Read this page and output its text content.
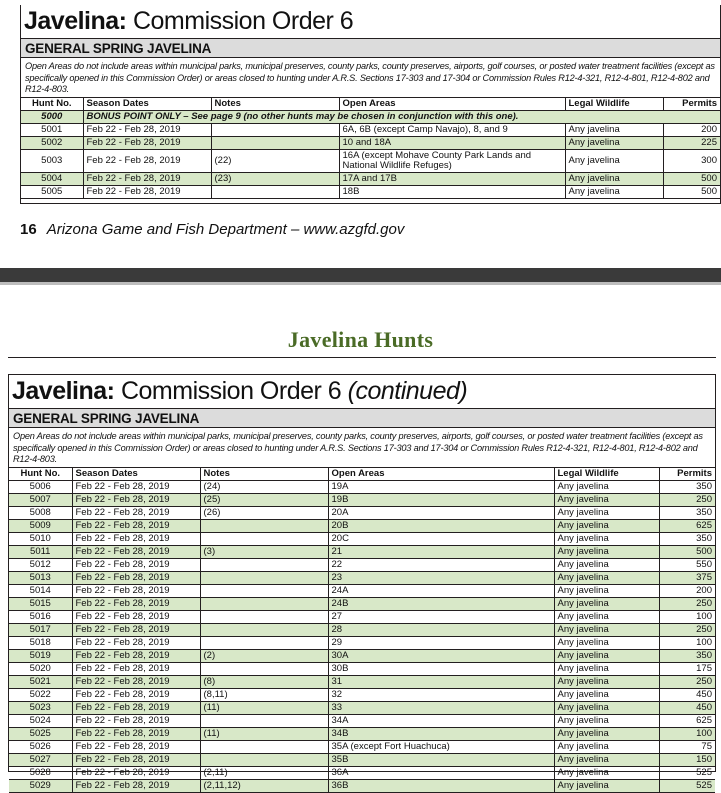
Javelina: Commission Order 6
GENERAL SPRING JAVELINA
Open Areas do not include areas within municipal parks, municipal preserves, county parks, county preserves, airports, golf courses, or posted water treatment facilities (except as specifically opened in this Commission Order) or areas closed to hunting under A.R.S. Sections 17-303 and 17-304 or Commission Rules R12-4-321, R12-4-801, R12-4-802 and R12-4-803.
Hunt No.	Season Dates	Notes	Open Areas	Legal Wildlife	Permits
5000	BONUS POINT ONLY – See page 9 (no other hunts may be chosen in conjunction with this one).				
5001	Feb 22 - Feb 28, 2019		6A, 6B (except Camp Navajo), 8, and 9	Any javelina	200
5002	Feb 22 - Feb 28, 2019		10 and 18A	Any javelina	225
5003	Feb 22 - Feb 28, 2019	(22)	16A (except Mohave County Park Lands and National Wildlife Refuges)	Any javelina	300
5004	Feb 22 - Feb 28, 2019	(23)	17A and 17B	Any javelina	500
5005	Feb 22 - Feb 28, 2019		18B	Any javelina	500
16 Arizona Game and Fish Department – www.azgfd.gov
Javelina Hunts
Javelina: Commission Order 6 (continued)
GENERAL SPRING JAVELINA
Open Areas do not include areas within municipal parks, municipal preserves, county parks, county preserves, airports, golf courses, or posted water treatment facilities (except as specifically opened in this Commission Order) or areas closed to hunting under A.R.S. Sections 17-303 and 17-304 or Commission Rules R12-4-321, R12-4-801, R12-4-802 and R12-4-803.
Hunt No.	Season Dates	Notes	Open Areas	Legal Wildlife	Permits
5006	Feb 22 - Feb 28, 2019	(24)	19A	Any javelina	350
5007	Feb 22 - Feb 28, 2019	(25)	19B	Any javelina	250
5008	Feb 22 - Feb 28, 2019	(26)	20A	Any javelina	350
5009	Feb 22 - Feb 28, 2019		20B	Any javelina	625
5010	Feb 22 - Feb 28, 2019		20C	Any javelina	350
5011	Feb 22 - Feb 28, 2019	(3)	21	Any javelina	500
5012	Feb 22 - Feb 28, 2019		22	Any javelina	550
5013	Feb 22 - Feb 28, 2019		23	Any javelina	375
5014	Feb 22 - Feb 28, 2019		24A	Any javelina	200
5015	Feb 22 - Feb 28, 2019		24B	Any javelina	250
5016	Feb 22 - Feb 28, 2019		27	Any javelina	100
5017	Feb 22 - Feb 28, 2019		28	Any javelina	250
5018	Feb 22 - Feb 28, 2019		29	Any javelina	100
5019	Feb 22 - Feb 28, 2019	(2)	30A	Any javelina	350
5020	Feb 22 - Feb 28, 2019		30B	Any javelina	175
5021	Feb 22 - Feb 28, 2019	(8)	31	Any javelina	250
5022	Feb 22 - Feb 28, 2019	(8,11)	32	Any javelina	450
5023	Feb 22 - Feb 28, 2019	(11)	33	Any javelina	450
5024	Feb 22 - Feb 28, 2019		34A	Any javelina	625
5025	Feb 22 - Feb 28, 2019	(11)	34B	Any javelina	100
5026	Feb 22 - Feb 28, 2019		35A (except Fort Huachuca)	Any javelina	75
5027	Feb 22 - Feb 28, 2019		35B	Any javelina	150
5028	Feb 22 - Feb 28, 2019	(2,11)	36A	Any javelina	525
5029	Feb 22 - Feb 28, 2019	(2,11,12)	36B	Any javelina	525
